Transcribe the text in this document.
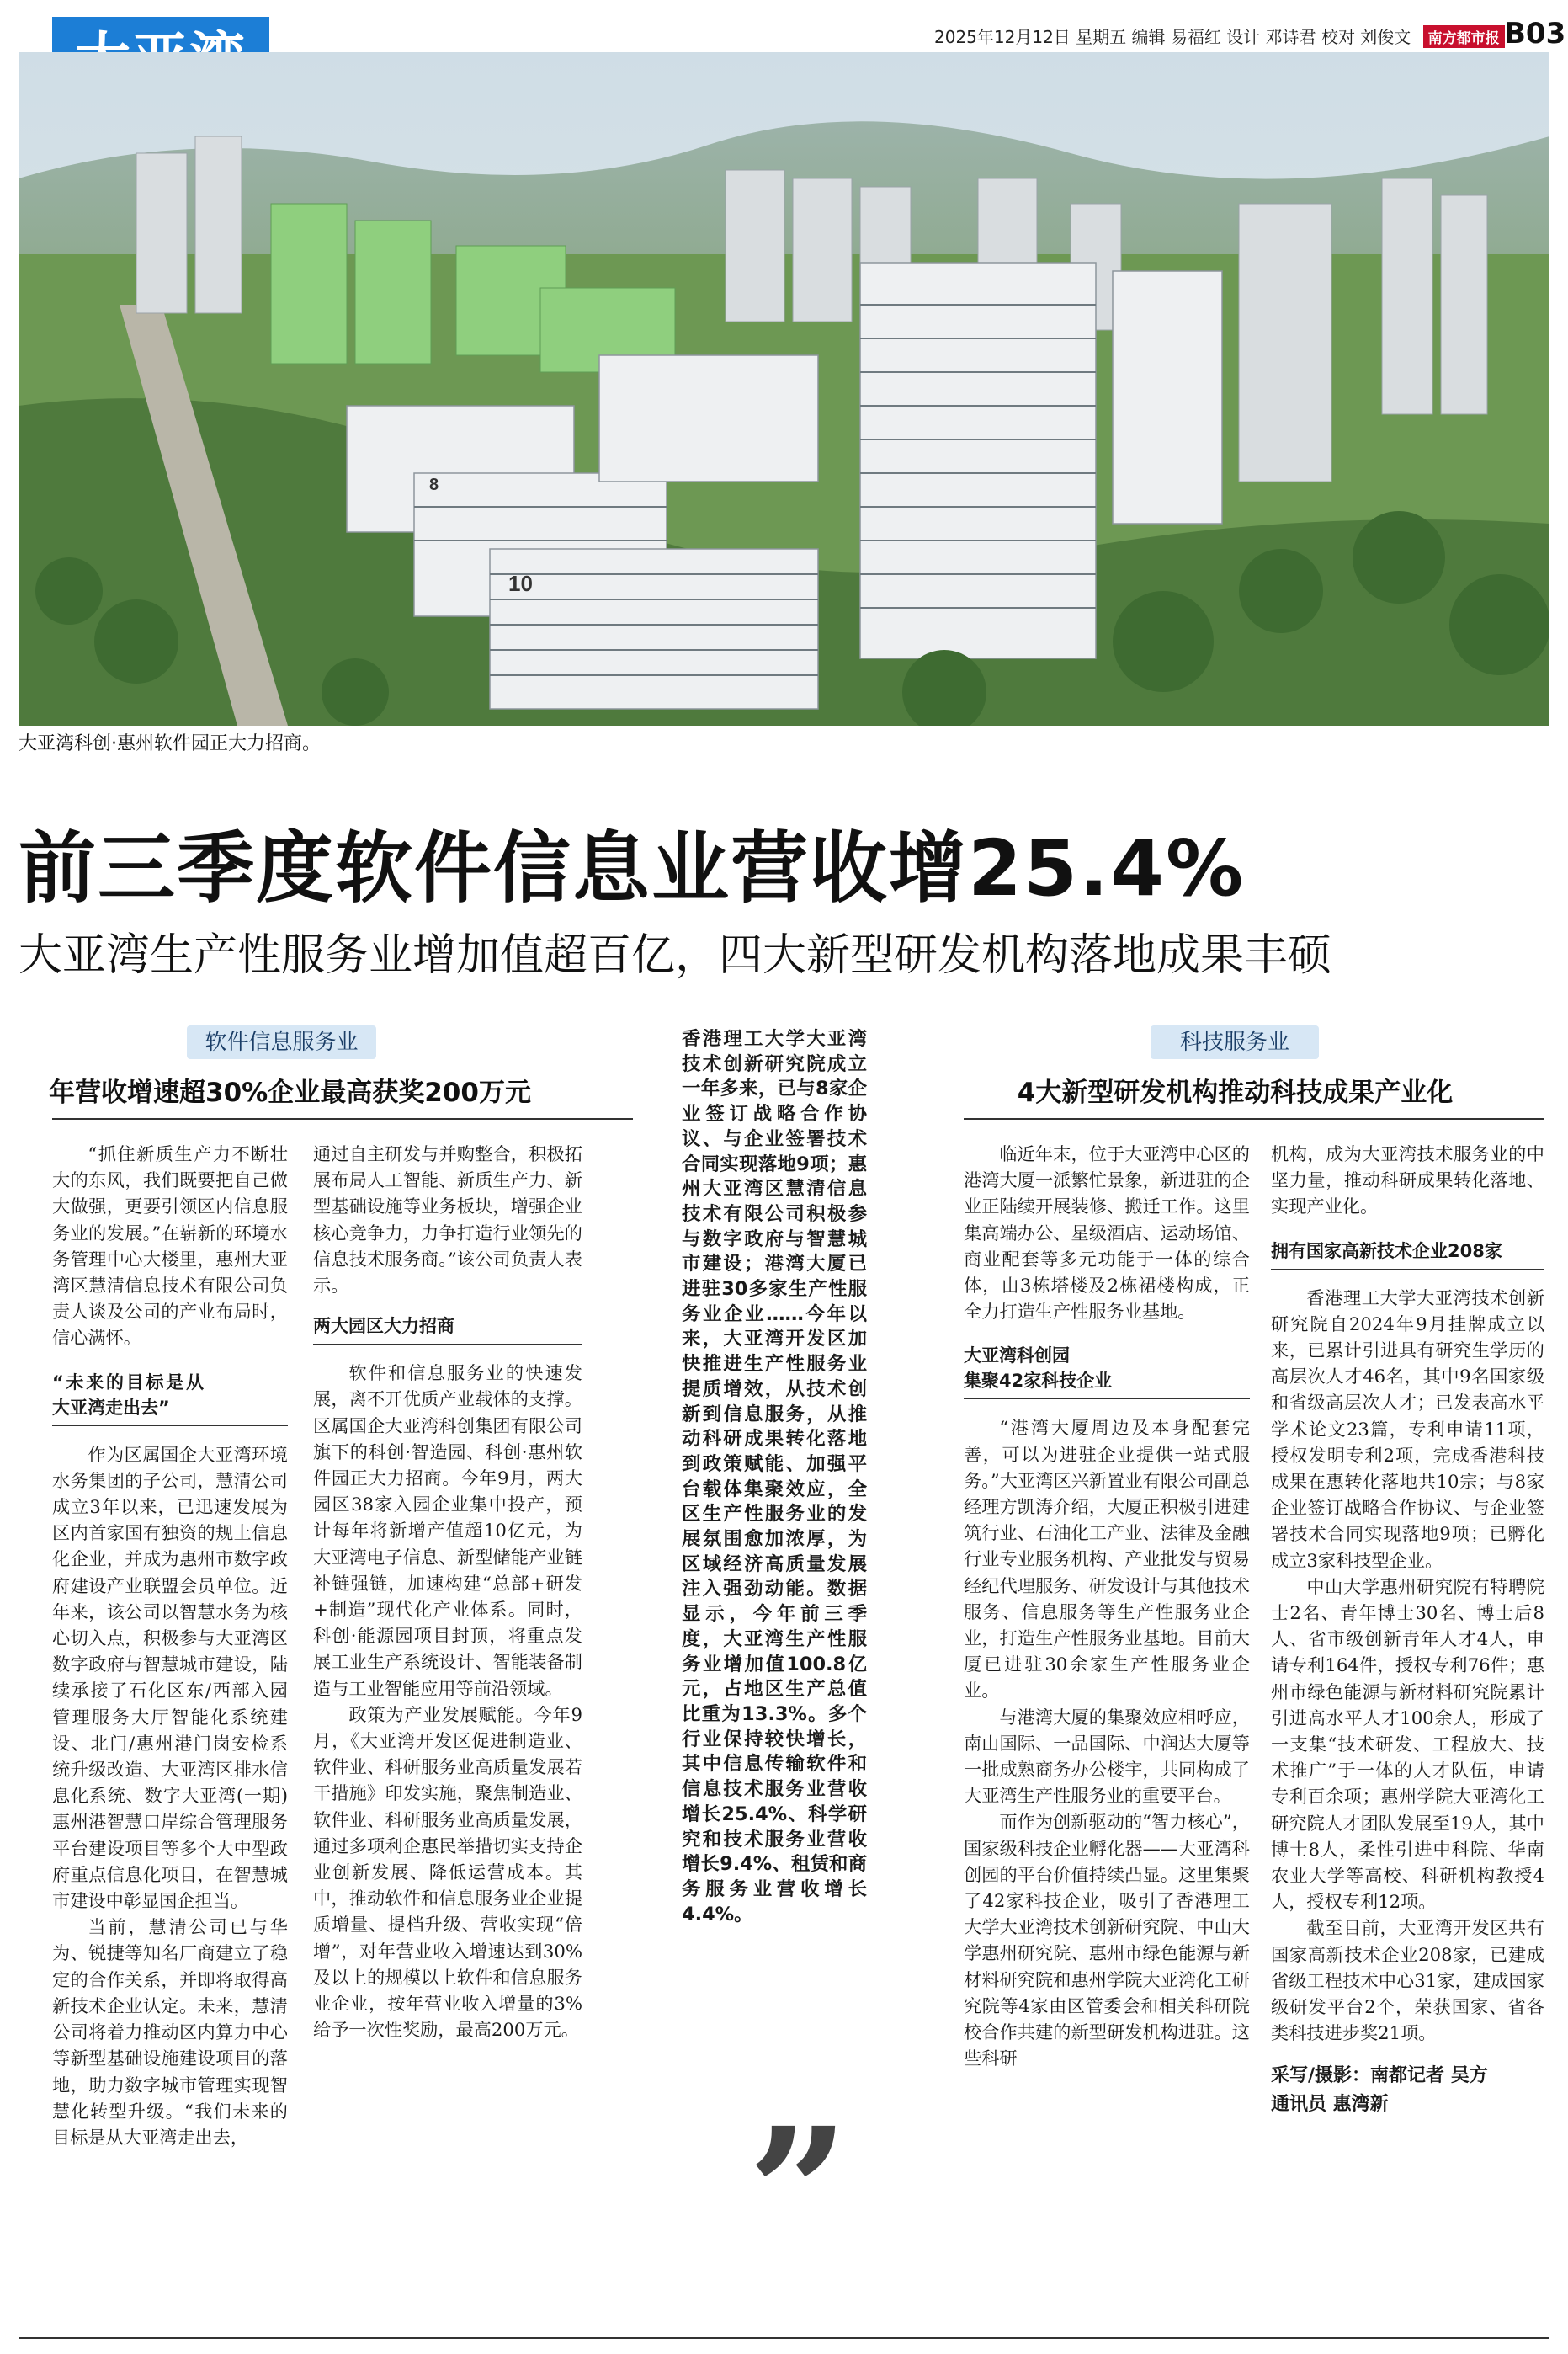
2025年12月12日 星期五 编辑 易福红 设计 邓诗君 校对 刘俊文 南方都市报 B03
10
8
大亚湾科创·惠州软件园正大力招商。
前三季度软件信息业营收增25.4%
大亚湾生产性服务业增加值超百亿，四大新型研发机构落地成果丰硕
软件信息服务业
年营收增速超30%企业最高获奖200万元

“抓住新质生产力不断壮大的东风，我们既要把自己做大做强，更要引领区内信息服务业的发展。”在崭新的环境水务管理中心大楼里，惠州大亚湾区慧清信息技术有限公司负责人谈及公司的产业布局时，信心满怀。

“未来的目标是从大亚湾走出去”

作为区属国企大亚湾环境水务集团的子公司，慧清公司成立3年以来，已迅速发展为区内首家国有独资的规上信息化企业，并成为惠州市数字政府建设产业联盟会员单位。近年来，该公司以智慧水务为核心切入点，积极参与大亚湾区数字政府与智慧城市建设，陆续承接了石化区东/西部入园管理服务大厅智能化系统建设、北门/惠州港门岗安检系统升级改造、大亚湾区排水信息化系统、数字大亚湾(一期)惠州港智慧口岸综合管理服务平台建设项目等多个大中型政府重点信息化项目，在智慧城市建设中彰显国企担当。

当前，慧清公司已与华为、锐捷等知名厂商建立了稳定的合作关系，并即将取得高新技术企业认定。未来，慧清公司将着力推动区内算力中心等新型基础设施建设项目的落地，助力数字城市管理实现智慧化转型升级。“我们未来的目标是从大亚湾走出去，

通过自主研发与并购整合，积极拓展布局人工智能、新质生产力、新型基础设施等业务板块，增强企业核心竞争力，力争打造行业领先的信息技术服务商。”该公司负责人表示。

两大园区大力招商

软件和信息服务业的快速发展，离不开优质产业载体的支撑。区属国企大亚湾科创集团有限公司旗下的科创·智造园、科创·惠州软件园正大力招商。今年9月，两大园区38家入园企业集中投产，预计每年将新增产值超10亿元，为大亚湾电子信息、新型储能产业链补链强链，加速构建“总部+研发+制造”现代化产业体系。同时，科创·能源园项目封顶，将重点发展工业生产系统设计、智能装备制造与工业智能应用等前沿领域。

政策为产业发展赋能。今年9月，《大亚湾开发区促进制造业、软件业、科研服务业高质量发展若干措施》印发实施，聚焦制造业、软件业、科研服务业高质量发展，通过多项利企惠民举措切实支持企业创新发展、降低运营成本。其中，推动软件和信息服务业企业提质增量、提档升级、营收实现“倍增”，对年营业收入增速达到30%及以上的规模以上软件和信息服务业企业，按年营业收入增量的3%给予一次性奖励，最高200万元。

香港理工大学大亚湾技术创新研究院成立一年多来，已与8家企业签订战略合作协议、与企业签署技术合同实现落地9项；惠州大亚湾区慧清信息技术有限公司积极参与数字政府与智慧城市建设；港湾大厦已进驻30多家生产性服务业企业……今年以来，大亚湾开发区加快推进生产性服务业提质增效，从技术创新到信息服务，从推动科研成果转化落地到政策赋能、加强平台载体集聚效应，全区生产性服务业的发展氛围愈加浓厚，为区域经济高质量发展注入强劲动能。数据显示，今年前三季度，大亚湾生产性服务业增加值100.8亿元，占地区生产总值比重为13.3%。多个行业保持较快增长，其中信息传输软件和信息技术服务业营收增长25.4%、科学研究和技术服务业营收增长9.4%、租赁和商务服务业营收增长4.4%。

”
科技服务业
4大新型研发机构推动科技成果产业化

临近年末，位于大亚湾中心区的港湾大厦一派繁忙景象，新进驻的企业正陆续开展装修、搬迁工作。这里集高端办公、星级酒店、运动场馆、商业配套等多元功能于一体的综合体，由3栋塔楼及2栋裙楼构成，正全力打造生产性服务业基地。

大亚湾科创园
集聚42家科技企业

“港湾大厦周边及本身配套完善，可以为进驻企业提供一站式服务。”大亚湾区兴新置业有限公司副总经理方凯涛介绍，大厦正积极引进建筑行业、石油化工产业、法律及金融行业专业服务机构、产业批发与贸易经纪代理服务、研发设计与其他技术服务、信息服务等生产性服务业企业，打造生产性服务业基地。目前大厦已进驻30余家生产性服务业企业。

与港湾大厦的集聚效应相呼应，南山国际、一品国际、中润达大厦等一批成熟商务办公楼宇，共同构成了大亚湾生产性服务业的重要平台。

而作为创新驱动的“智力核心”，国家级科技企业孵化器——大亚湾科创园的平台价值持续凸显。这里集聚了42家科技企业，吸引了香港理工大学大亚湾技术创新研究院、中山大学惠州研究院、惠州市绿色能源与新材料研究院和惠州学院大亚湾化工研究院等4家由区管委会和相关科研院校合作共建的新型研发机构进驻。这些科研

机构，成为大亚湾技术服务业的中坚力量，推动科研成果转化落地、实现产业化。

拥有国家高新技术企业208家

香港理工大学大亚湾技术创新研究院自2024年9月挂牌成立以来，已累计引进具有研究生学历的高层次人才46名，其中9名国家级和省级高层次人才；已发表高水平学术论文23篇，专利申请11项，授权发明专利2项，完成香港科技成果在惠转化落地共10宗；与8家企业签订战略合作协议、与企业签署技术合同实现落地9项；已孵化成立3家科技型企业。

中山大学惠州研究院有特聘院士2名、青年博士30名、博士后8人、省市级创新青年人才4人，申请专利164件，授权专利76件；惠州市绿色能源与新材料研究院累计引进高水平人才100余人，形成了一支集“技术研发、工程放大、技术推广”于一体的人才队伍，申请专利百余项；惠州学院大亚湾化工研究院人才团队发展至19人，其中博士8人，柔性引进中科院、华南农业大学等高校、科研机构教授4人，授权专利12项。

截至目前，大亚湾开发区共有国家高新技术企业208家，已建成省级工程技术中心31家，建成国家级研发平台2个，荣获国家、省各类科技进步奖21项。

采写/摄影：南都记者 吴方
通讯员 惠湾新
